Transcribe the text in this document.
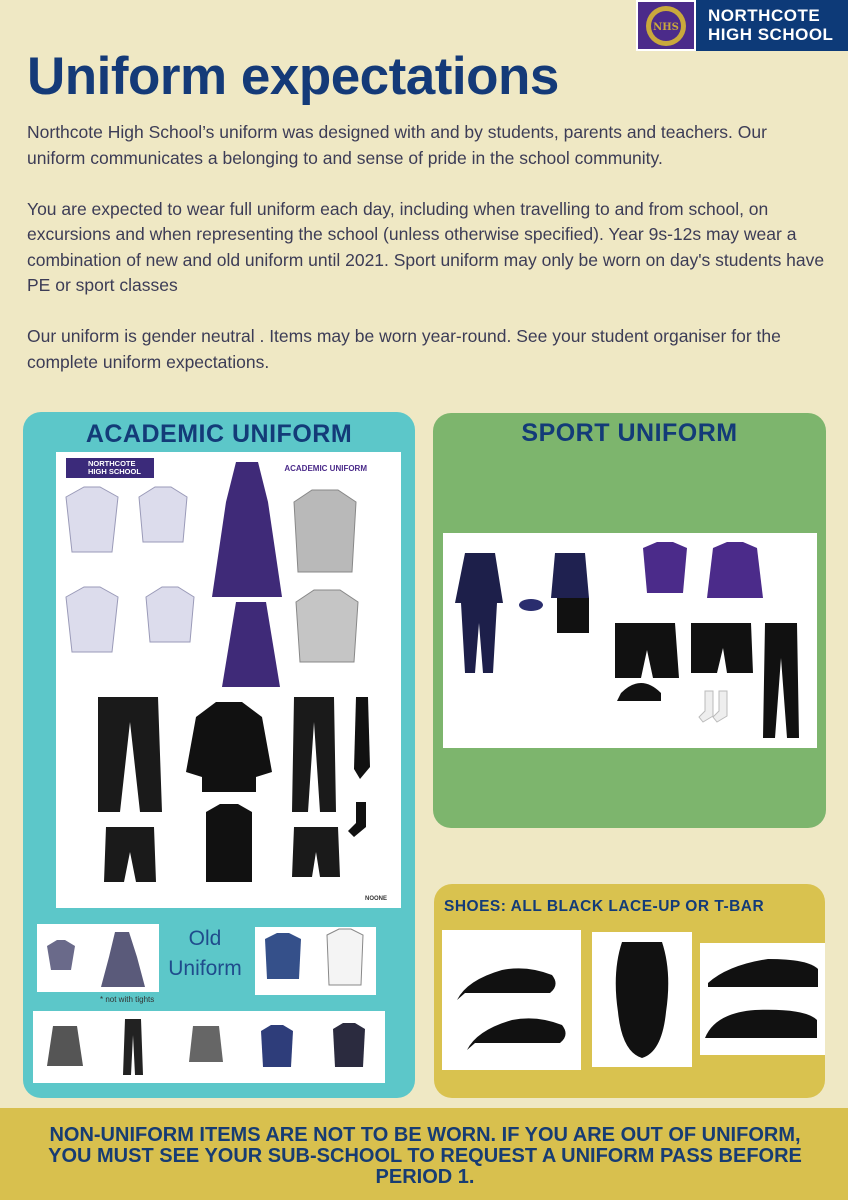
NHS
NORTHCOTE
HIGH SCHOOL
Uniform expectations

Northcote High School’s uniform was designed with and by students, parents and teachers. Our uniform communicates a belonging to and sense of pride in the school community.

You are expected to wear full uniform each day, including when travelling to and from school, on excursions and when representing the school (unless otherwise specified). Year 9s-12s may wear a combination of new and old uniform until 2021. Sport uniform may only be worn on day's students have PE or sport classes

Our uniform is gender neutral . Items may be worn year-round. See your student organiser for the complete uniform expectations.

ACADEMIC UNIFORM
NORTHCOTE HIGH SCHOOL	ACADEMIC UNIFORM
NOONE
Old
Uniform
* not with tights
SPORT UNIFORM
SHOES: ALL BLACK LACE-UP OR T-BAR
NON-UNIFORM ITEMS ARE NOT TO BE WORN. IF YOU ARE OUT OF UNIFORM, YOU MUST SEE YOUR SUB-SCHOOL TO REQUEST A UNIFORM PASS BEFORE PERIOD 1.
